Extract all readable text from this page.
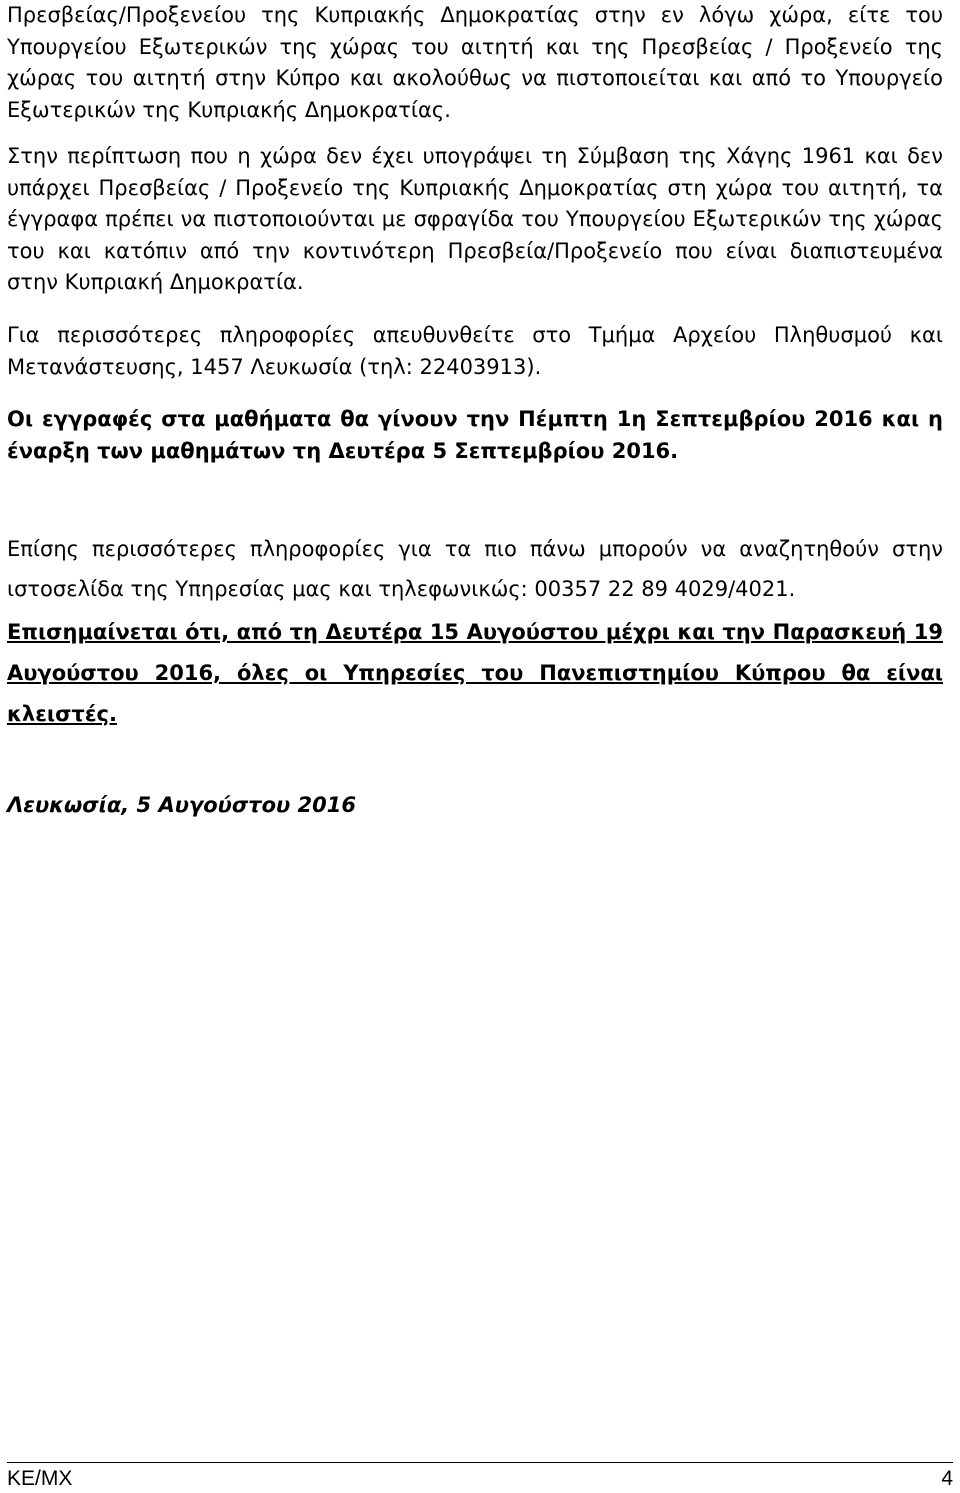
Πρεσβείας/Προξενείου της Κυπριακής Δημοκρατίας στην εν λόγω χώρα, είτε του Υπουργείου Εξωτερικών της χώρας του αιτητή και της Πρεσβείας / Προξενείο της χώρας του αιτητή στην Κύπρο και ακολούθως να πιστοποιείται και από το Υπουργείο Εξωτερικών της Κυπριακής Δημοκρατίας.

Στην περίπτωση που η χώρα δεν έχει υπογράψει τη Σύμβαση της Χάγης 1961 και δεν υπάρχει Πρεσβείας / Προξενείο της Κυπριακής Δημοκρατίας στη χώρα του αιτητή, τα έγγραφα πρέπει να πιστοποιούνται με σφραγίδα του Υπουργείου Εξωτερικών της χώρας του και κατόπιν από την κοντινότερη Πρεσβεία/Προξενείο που είναι διαπιστευμένα στην Κυπριακή Δημοκρατία.

Για περισσότερες πληροφορίες απευθυνθείτε στο Τμήμα Αρχείου Πληθυσμού και Μετανάστευσης, 1457 Λευκωσία (τηλ: 22403913).

Οι εγγραφές στα μαθήματα θα γίνουν την Πέμπτη 1η Σεπτεμβρίου 2016 και η έναρξη των μαθημάτων τη Δευτέρα 5 Σεπτεμβρίου 2016.

Επίσης περισσότερες πληροφορίες για τα πιο πάνω μπορούν να αναζητηθούν στην ιστοσελίδα της Υπηρεσίας μας και τηλεφωνικώς: 00357 22 89 4029/4021.

Επισημαίνεται ότι, από τη Δευτέρα 15 Αυγούστου μέχρι και την Παρασκευή 19 Αυγούστου 2016, όλες οι Υπηρεσίες του Πανεπιστημίου Κύπρου θα είναι κλειστές.

Λευκωσία, 5 Αυγούστου 2016

ΚΕ/ΜΧ	4
